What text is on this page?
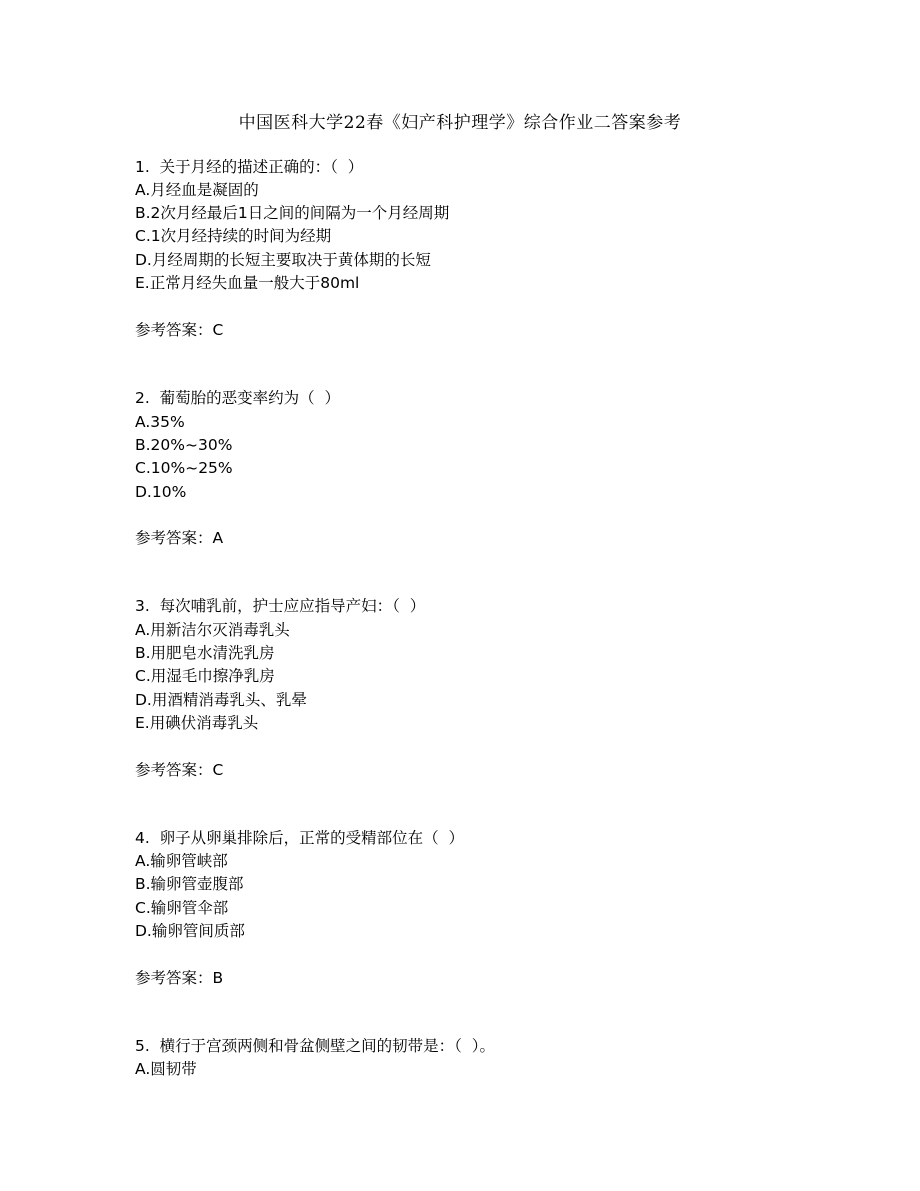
中国医科大学22春《妇产科护理学》综合作业二答案参考
1.  关于月经的描述正确的：（  ）
A.月经血是凝固的
B.2次月经最后1日之间的间隔为一个月经周期
C.1次月经持续的时间为经期
D.月经周期的长短主要取决于黄体期的长短
E.正常月经失血量一般大于80ml
参考答案：C
2.  葡萄胎的恶变率约为（  ）
A.35%
B.20%~30%
C.10%~25%
D.10%
参考答案：A
3.  每次哺乳前，护士应应指导产妇：（  ）
A.用新洁尔灭消毒乳头
B.用肥皂水清洗乳房
C.用湿毛巾擦净乳房
D.用酒精消毒乳头、乳晕
E.用碘伏消毒乳头
参考答案：C
4.  卵子从卵巢排除后，正常的受精部位在（  ）
A.输卵管峡部
B.输卵管壶腹部
C.输卵管伞部
D.输卵管间质部
参考答案：B
5.  横行于宫颈两侧和骨盆侧壁之间的韧带是：（  ）。
A.圆韧带
